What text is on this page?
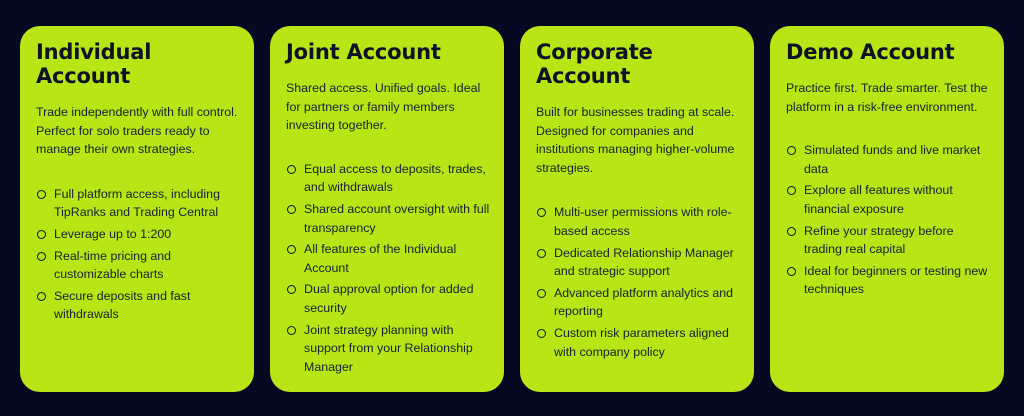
Individual Account

Trade independently with full control. Perfect for solo traders ready to manage their own strategies.

Full platform access, including TipRanks and Trading Central
Leverage up to 1:200
Real-time pricing and customizable charts
Secure deposits and fast withdrawals
Joint Account

Shared access. Unified goals. Ideal for partners or family members investing together.

Equal access to deposits, trades, and withdrawals
Shared account oversight with full transparency
All features of the Individual Account
Dual approval option for added security
Joint strategy planning with support from your Relationship Manager
Corporate Account

Built for businesses trading at scale. Designed for companies and institutions managing higher-volume strategies.

Multi-user permissions with role-based access
Dedicated Relationship Manager and strategic support
Advanced platform analytics and reporting
Custom risk parameters aligned with company policy
Demo Account

Practice first. Trade smarter. Test the platform in a risk-free environment.

Simulated funds and live market data
Explore all features without financial exposure
Refine your strategy before trading real capital
Ideal for beginners or testing new techniques
